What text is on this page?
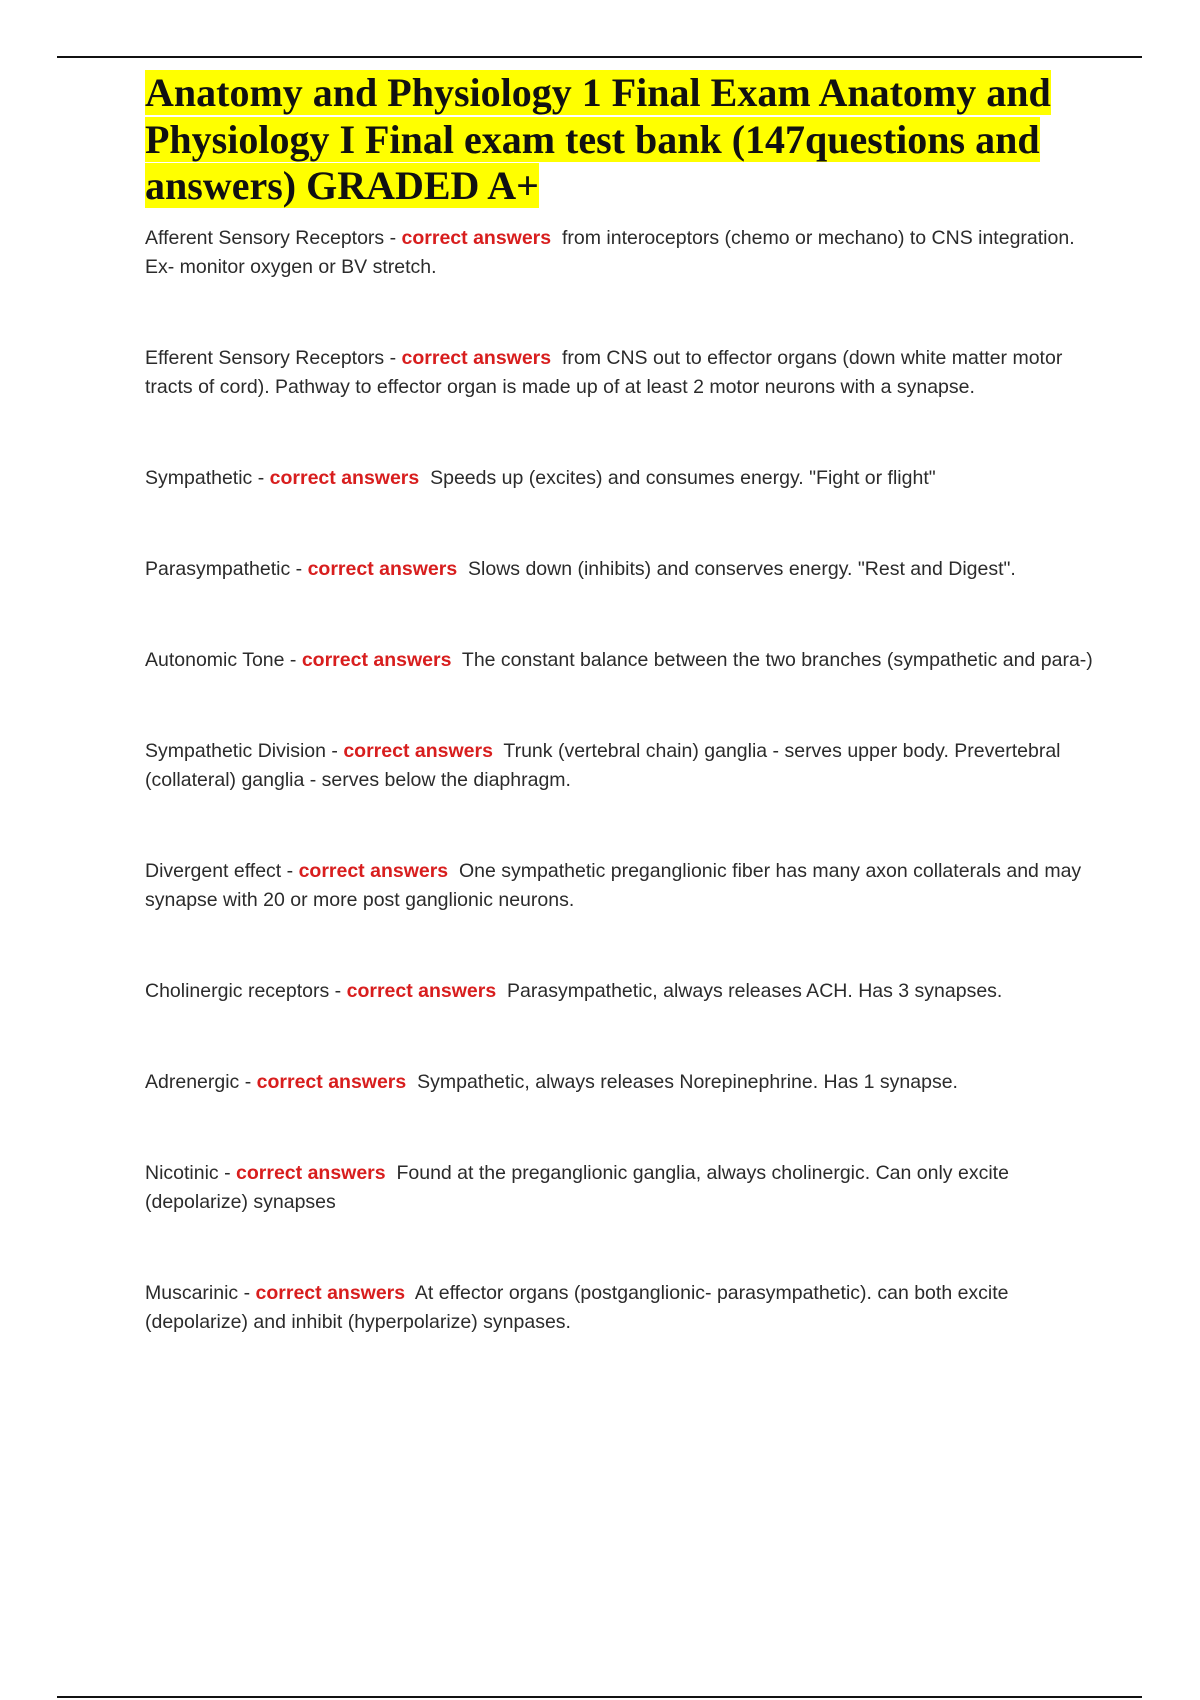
Anatomy and Physiology 1 Final Exam Anatomy and Physiology I Final exam test bank (147questions and answers) GRADED A+

Afferent Sensory Receptors - correct answers from interoceptors (chemo or mechano) to CNS integration. Ex- monitor oxygen or BV stretch.

Efferent Sensory Receptors - correct answers from CNS out to effector organs (down white matter motor tracts of cord). Pathway to effector organ is made up of at least 2 motor neurons with a synapse.

Sympathetic - correct answers Speeds up (excites) and consumes energy. "Fight or flight"

Parasympathetic - correct answers Slows down (inhibits) and conserves energy. "Rest and Digest".

Autonomic Tone - correct answers The constant balance between the two branches (sympathetic and para-)

Sympathetic Division - correct answers Trunk (vertebral chain) ganglia - serves upper body. Prevertebral (collateral) ganglia - serves below the diaphragm.

Divergent effect - correct answers One sympathetic preganglionic fiber has many axon collaterals and may synapse with 20 or more post ganglionic neurons.

Cholinergic receptors - correct answers Parasympathetic, always releases ACH. Has 3 synapses.

Adrenergic - correct answers Sympathetic, always releases Norepinephrine. Has 1 synapse.

Nicotinic - correct answers Found at the preganglionic ganglia, always cholinergic. Can only excite (depolarize) synapses

Muscarinic - correct answers At effector organs (postganglionic- parasympathetic). can both excite (depolarize) and inhibit (hyperpolarize) synpases.
